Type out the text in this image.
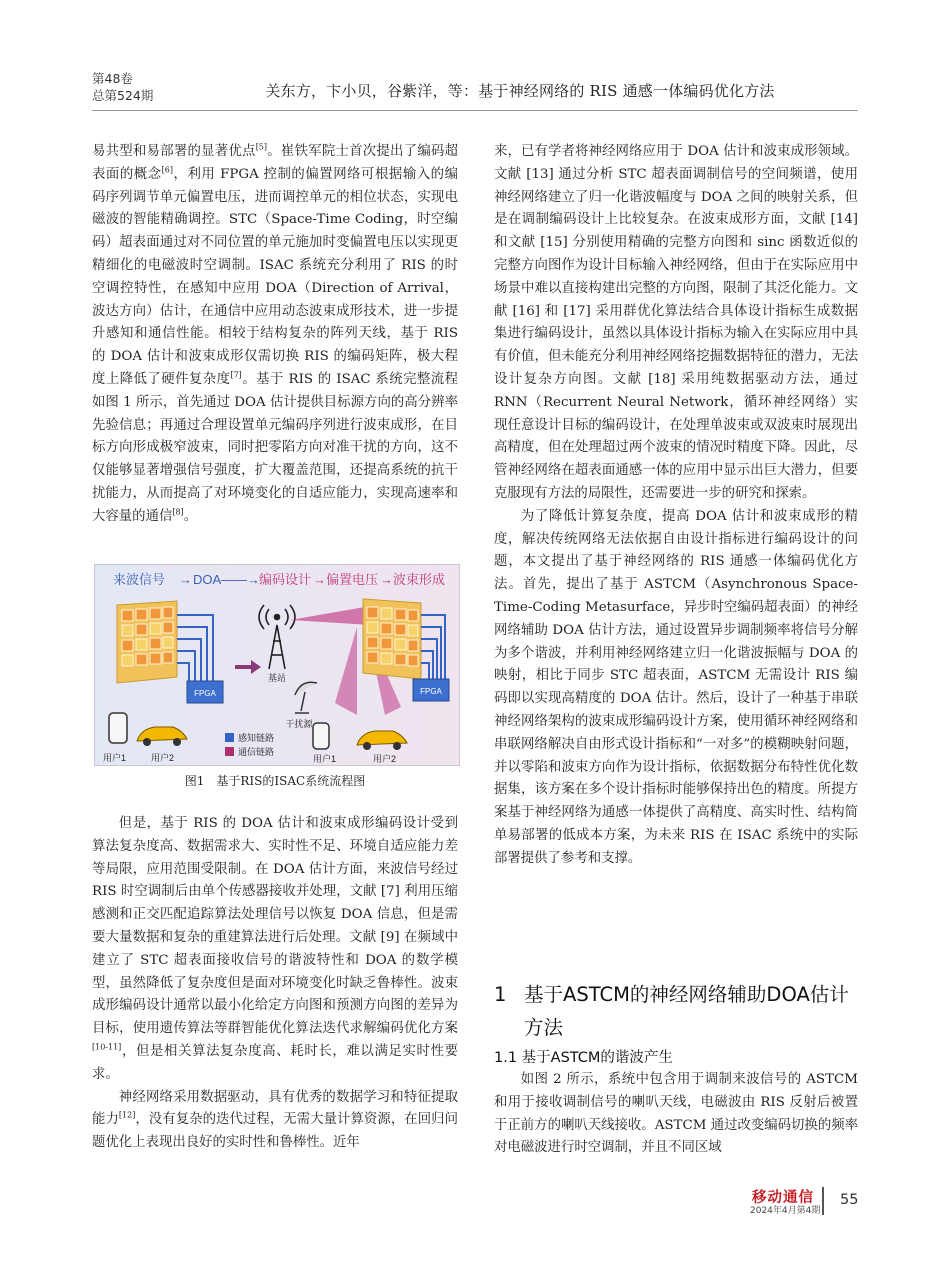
第48卷
总第524期	关东方，卞小贝，谷紫洋，等：基于神经网络的 RIS 通感一体编码优化方法

易共型和易部署的显著优点[5]。崔铁军院士首次提出了编码超表面的概念[6]，利用 FPGA 控制的偏置网络可根据输入的编码序列调节单元偏置电压，进而调控单元的相位状态，实现电磁波的智能精确调控。STC（Space-Time Coding，时空编码）超表面通过对不同位置的单元施加时变偏置电压以实现更精细化的电磁波时空调制。ISAC 系统充分利用了 RIS 的时空调控特性，在感知中应用 DOA（Direction of Arrival，波达方向）估计，在通信中应用动态波束成形技术，进一步提升感知和通信性能。相较于结构复杂的阵列天线，基于 RIS 的 DOA 估计和波束成形仅需切换 RIS 的编码矩阵，极大程度上降低了硬件复杂度[7]。基于 RIS 的 ISAC 系统完整流程如图 1 所示，首先通过 DOA 估计提供目标源方向的高分辨率先验信息；再通过合理设置单元编码序列进行波束成形，在目标方向形成极窄波束，同时把零陷方向对准干扰的方向，这不仅能够显著增强信号强度，扩大覆盖范围，还提高系统的抗干扰能力，从而提高了对环境变化的自适应能力，实现高速率和大容量的通信[8]。

来波信号 → DOA ——→ 编码设计 → 偏置电压 → 波束形成
FPGA
基站
FPGA
干扰源
用户1	用户2	用户1	用户2
感知链路
通信链路
图1　基于RIS的ISAC系统流程图

但是，基于 RIS 的 DOA 估计和波束成形编码设计受到算法复杂度高、数据需求大、实时性不足、环境自适应能力差等局限，应用范围受限制。在 DOA 估计方面，来波信号经过 RIS 时空调制后由单个传感器接收并处理，文献 [7] 利用压缩感测和正交匹配追踪算法处理信号以恢复 DOA 信息，但是需要大量数据和复杂的重建算法进行后处理。文献 [9] 在频域中建立了 STC 超表面接收信号的谐波特性和 DOA 的数学模型，虽然降低了复杂度但是面对环境变化时缺乏鲁棒性。波束成形编码设计通常以最小化给定方向图和预测方向图的差异为目标，使用遗传算法等群智能优化算法迭代求解编码优化方案[10-11]，但是相关算法复杂度高、耗时长，难以满足实时性要求。

神经网络采用数据驱动，具有优秀的数据学习和特征提取能力[12]，没有复杂的迭代过程，无需大量计算资源，在回归问题优化上表现出良好的实时性和鲁棒性。近年

来，已有学者将神经网络应用于 DOA 估计和波束成形领域。文献 [13] 通过分析 STC 超表面调制信号的空间频谱，使用神经网络建立了归一化谐波幅度与 DOA 之间的映射关系，但是在调制编码设计上比较复杂。在波束成形方面，文献 [14] 和文献 [15] 分别使用精确的完整方向图和 sinc 函数近似的完整方向图作为设计目标输入神经网络，但由于在实际应用中场景中难以直接构建出完整的方向图，限制了其泛化能力。文献 [16] 和 [17] 采用群优化算法结合具体设计指标生成数据集进行编码设计，虽然以具体设计指标为输入在实际应用中具有价值，但未能充分利用神经网络挖掘数据特征的潜力，无法设计复杂方向图。文献 [18] 采用纯数据驱动方法，通过 RNN（Recurrent Neural Network，循环神经网络）实现任意设计目标的编码设计，在处理单波束或双波束时展现出高精度，但在处理超过两个波束的情况时精度下降。因此，尽管神经网络在超表面通感一体的应用中显示出巨大潜力，但要克服现有方法的局限性，还需要进一步的研究和探索。

为了降低计算复杂度，提高 DOA 估计和波束成形的精度，解决传统网络无法依据自由设计指标进行编码设计的问题，本文提出了基于神经网络的 RIS 通感一体编码优化方法。首先，提出了基于 ASTCM（Asynchronous Space-Time-Coding Metasurface，异步时空编码超表面）的神经网络辅助 DOA 估计方法，通过设置异步调制频率将信号分解为多个谐波，并利用神经网络建立归一化谐波振幅与 DOA 的映射，相比于同步 STC 超表面，ASTCM 无需设计 RIS 编码即以实现高精度的 DOA 估计。然后，设计了一种基于串联神经网络架构的波束成形编码设计方案，使用循环神经网络和串联网络解决自由形式设计指标和“一对多”的模糊映射问题，并以零陷和波束方向作为设计指标，依据数据分布特性优化数据集，该方案在多个设计指标时能够保持出色的精度。所提方案基于神经网络为通感一体提供了高精度、高实时性、结构简单易部署的低成本方案，为未来 RIS 在 ISAC 系统中的实际部署提供了参考和支撑。

1 基于ASTCM的神经网络辅助DOA估计
方法
1.1 基于ASTCM的谐波产生

如图 2 所示，系统中包含用于调制来波信号的 ASTCM 和用于接收调制信号的喇叭天线，电磁波由 RIS 反射后被置于正前方的喇叭天线接收。ASTCM 通过改变编码切换的频率对电磁波进行时空调制，并且不同区域

移动通信
2024年4月第4期
55
